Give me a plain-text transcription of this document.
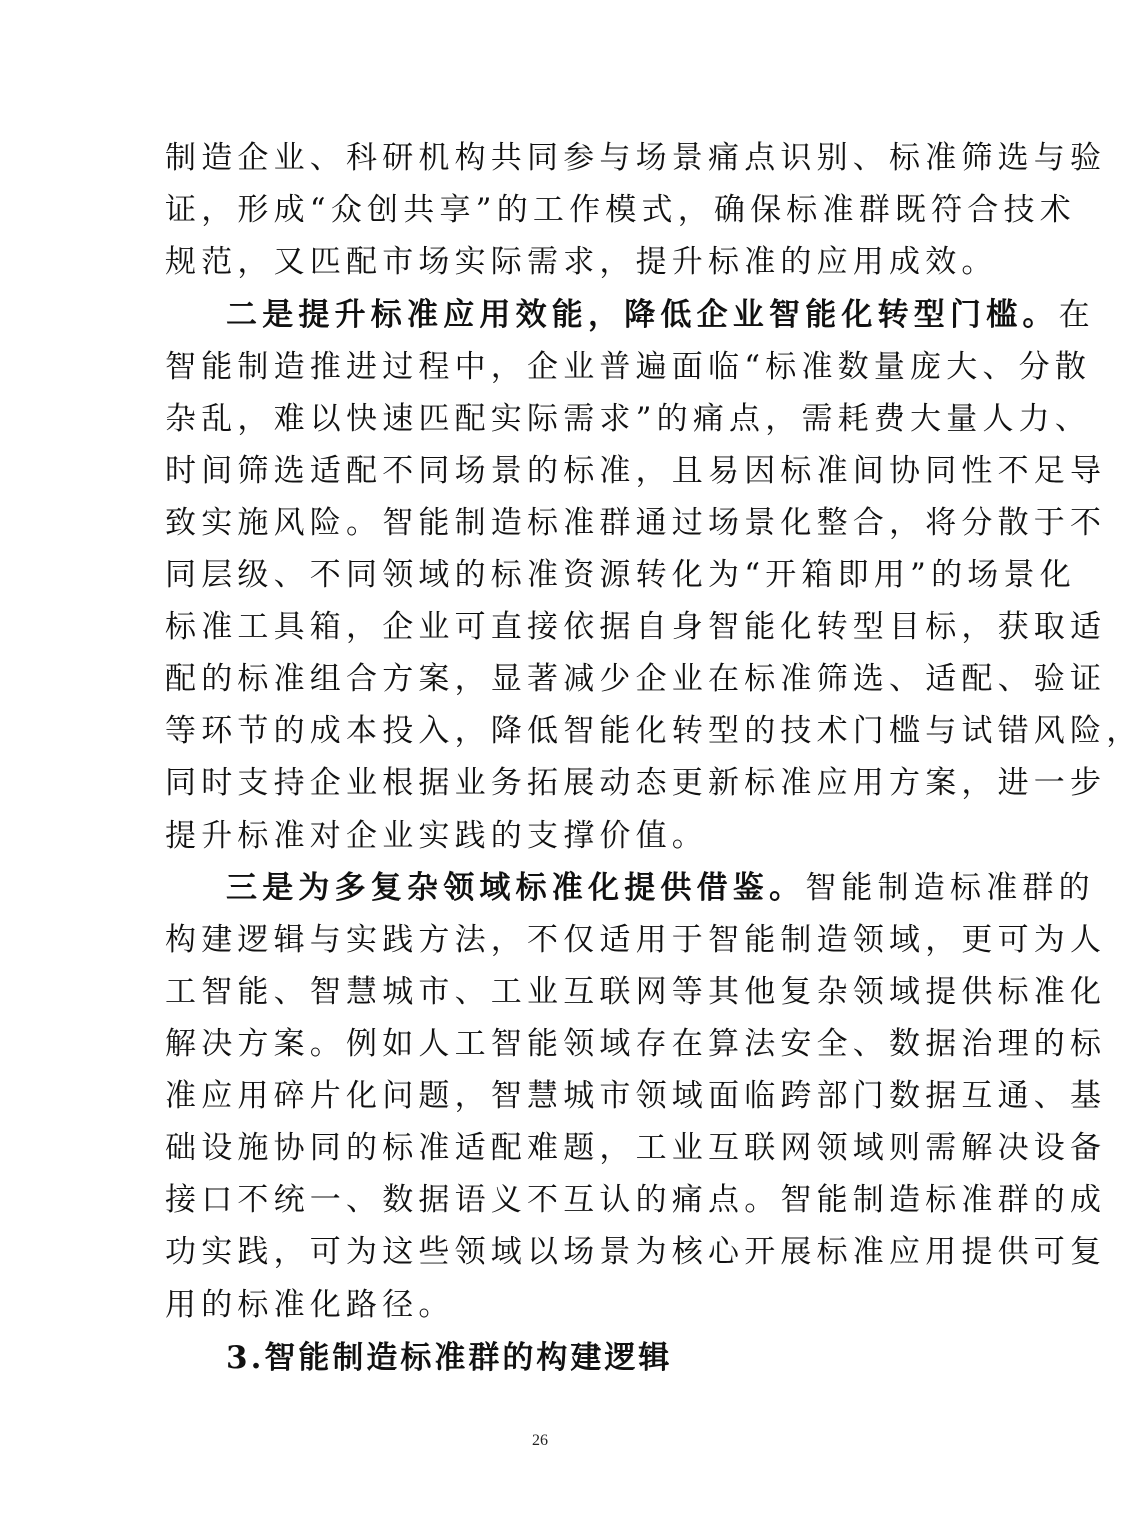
制造企业、科研机构共同参与场景痛点识别、标准筛选与验
证，形成“众创共享”的工作模式，确保标准群既符合技术
规范，又匹配市场实际需求，提升标准的应用成效。
二是提升标准应用效能，降低企业智能化转型门槛。在
智能制造推进过程中，企业普遍面临“标准数量庞大、分散
杂乱，难以快速匹配实际需求”的痛点，需耗费大量人力、
时间筛选适配不同场景的标准，且易因标准间协同性不足导
致实施风险。智能制造标准群通过场景化整合，将分散于不
同层级、不同领域的标准资源转化为“开箱即用”的场景化
标准工具箱，企业可直接依据自身智能化转型目标，获取适
配的标准组合方案，显著减少企业在标准筛选、适配、验证
等环节的成本投入，降低智能化转型的技术门槛与试错风险，
同时支持企业根据业务拓展动态更新标准应用方案，进一步
提升标准对企业实践的支撑价值。
三是为多复杂领域标准化提供借鉴。智能制造标准群的
构建逻辑与实践方法，不仅适用于智能制造领域，更可为人
工智能、智慧城市、工业互联网等其他复杂领域提供标准化
解决方案。例如人工智能领域存在算法安全、数据治理的标
准应用碎片化问题，智慧城市领域面临跨部门数据互通、基
础设施协同的标准适配难题，工业互联网领域则需解决设备
接口不统一、数据语义不互认的痛点。智能制造标准群的成
功实践，可为这些领域以场景为核心开展标准应用提供可复
用的标准化路径。
3.智能制造标准群的构建逻辑
26
